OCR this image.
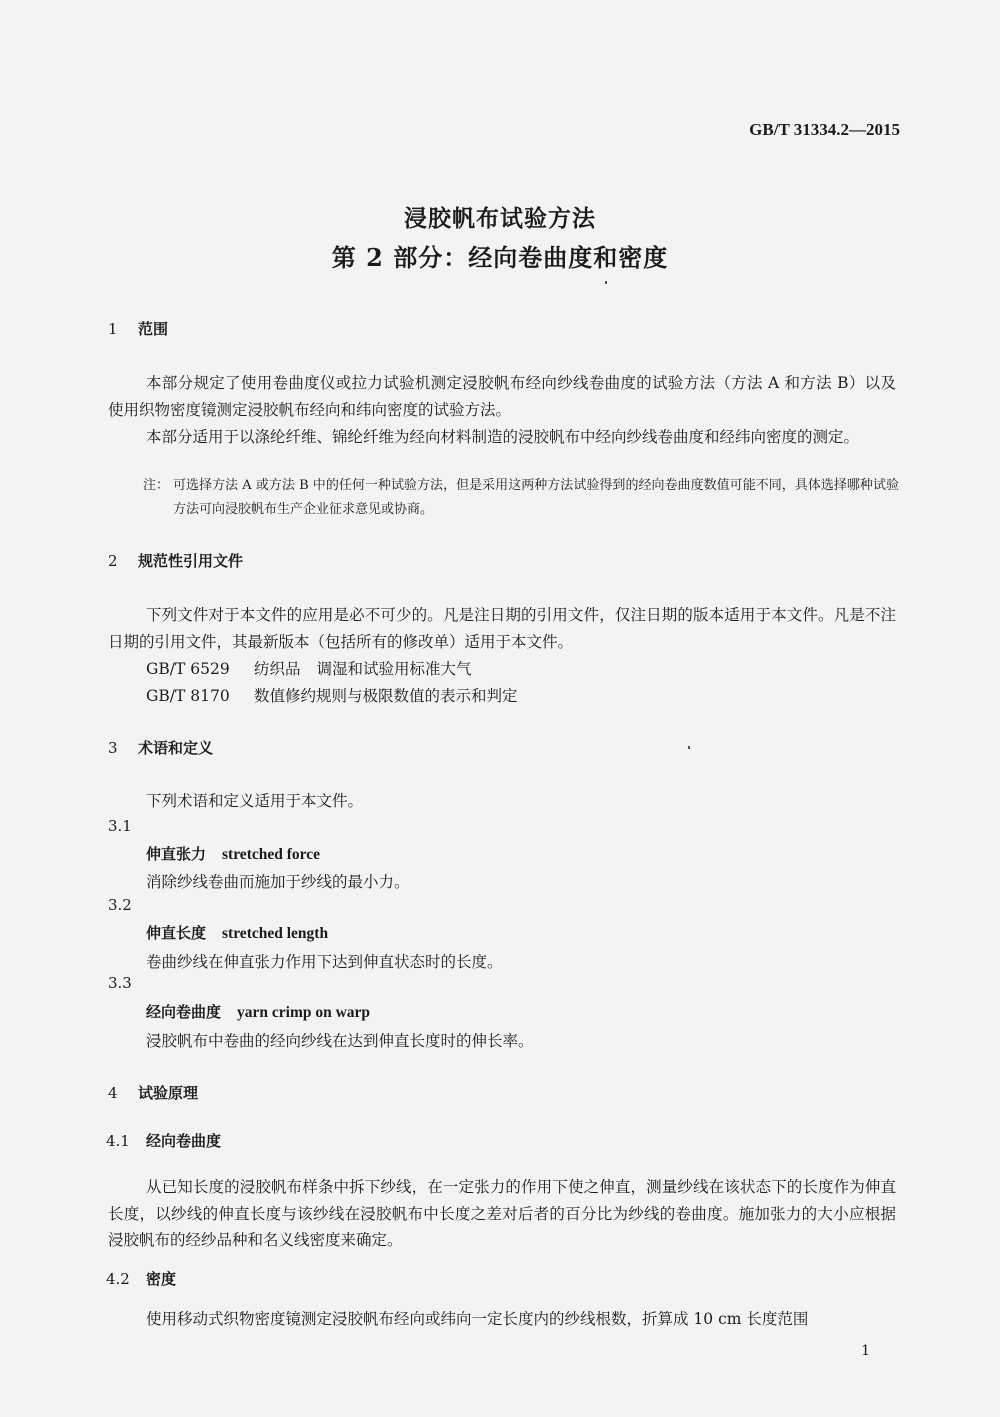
GB/T 31334.2—2015
浸胶帆布试验方法
第 2 部分：经向卷曲度和密度
1 范围
本部分规定了使用卷曲度仪或拉力试验机测定浸胶帆布经向纱线卷曲度的试验方法（方法 A 和方法 B）以及使用织物密度镜测定浸胶帆布经向和纬向密度的试验方法。
本部分适用于以涤纶纤维、锦纶纤维为经向材料制造的浸胶帆布中经向纱线卷曲度和经纬向密度的测定。
注： 可选择方法 A 或方法 B 中的任何一种试验方法，但是采用这两种方法试验得到的经向卷曲度数值可能不同，具体选择哪种试验方法可向浸胶帆布生产企业征求意见或协商。
2 规范性引用文件
下列文件对于本文件的应用是必不可少的。凡是注日期的引用文件，仅注日期的版本适用于本文件。凡是不注日期的引用文件，其最新版本（包括所有的修改单）适用于本文件。
GB/T 6529 纺织品 调湿和试验用标准大气
GB/T 8170 数值修约规则与极限数值的表示和判定
3 术语和定义
下列术语和定义适用于本文件。
3.1
伸直张力 stretched force
消除纱线卷曲而施加于纱线的最小力。
3.2
伸直长度 stretched length
卷曲纱线在伸直张力作用下达到伸直状态时的长度。
3.3
经向卷曲度 yarn crimp on warp
浸胶帆布中卷曲的经向纱线在达到伸直长度时的伸长率。
4 试验原理
4.1 经向卷曲度
从已知长度的浸胶帆布样条中拆下纱线，在一定张力的作用下使之伸直，测量纱线在该状态下的长度作为伸直长度，以纱线的伸直长度与该纱线在浸胶帆布中长度之差对后者的百分比为纱线的卷曲度。施加张力的大小应根据浸胶帆布的经纱品种和名义线密度来确定。
4.2 密度
使用移动式织物密度镜测定浸胶帆布经向或纬向一定长度内的纱线根数，折算成 10 cm 长度范围
1
